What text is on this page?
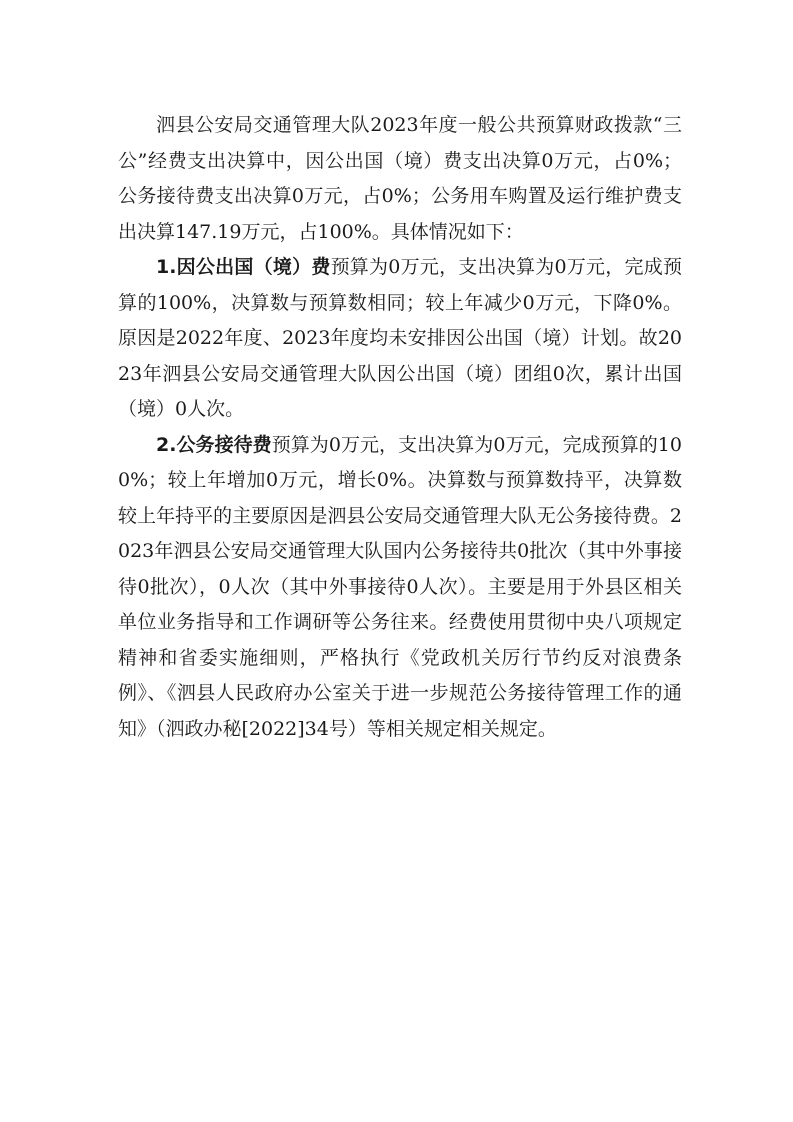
泗县公安局交通管理大队2023年度一般公共预算财政拨款“三公”经费支出决算中，因公出国（境）费支出决算0万元，占0%；公务接待费支出决算0万元，占0%；公务用车购置及运行维护费支出决算147.19万元，占100%。具体情况如下：

1.因公出国（境）费预算为0万元，支出决算为0万元，完成预算的100%，决算数与预算数相同；较上年减少0万元，下降0%。原因是2022年度、2023年度均未安排因公出国（境）计划。故2023年泗县公安局交通管理大队因公出国（境）团组0次，累计出国（境）0人次。

2.公务接待费预算为0万元，支出决算为0万元，完成预算的100%；较上年增加0万元，增长0%。决算数与预算数持平，决算数较上年持平的主要原因是泗县公安局交通管理大队无公务接待费。2023年泗县公安局交通管理大队国内公务接待共0批次（其中外事接待0批次），0人次（其中外事接待0人次）。主要是用于外县区相关单位业务指导和工作调研等公务往来。经费使用贯彻中央八项规定精神和省委实施细则，严格执行《党政机关厉行节约反对浪费条例》、《泗县人民政府办公室关于进一步规范公务接待管理工作的通知》（泗政办秘[2022]34号）等相关规定相关规定。
